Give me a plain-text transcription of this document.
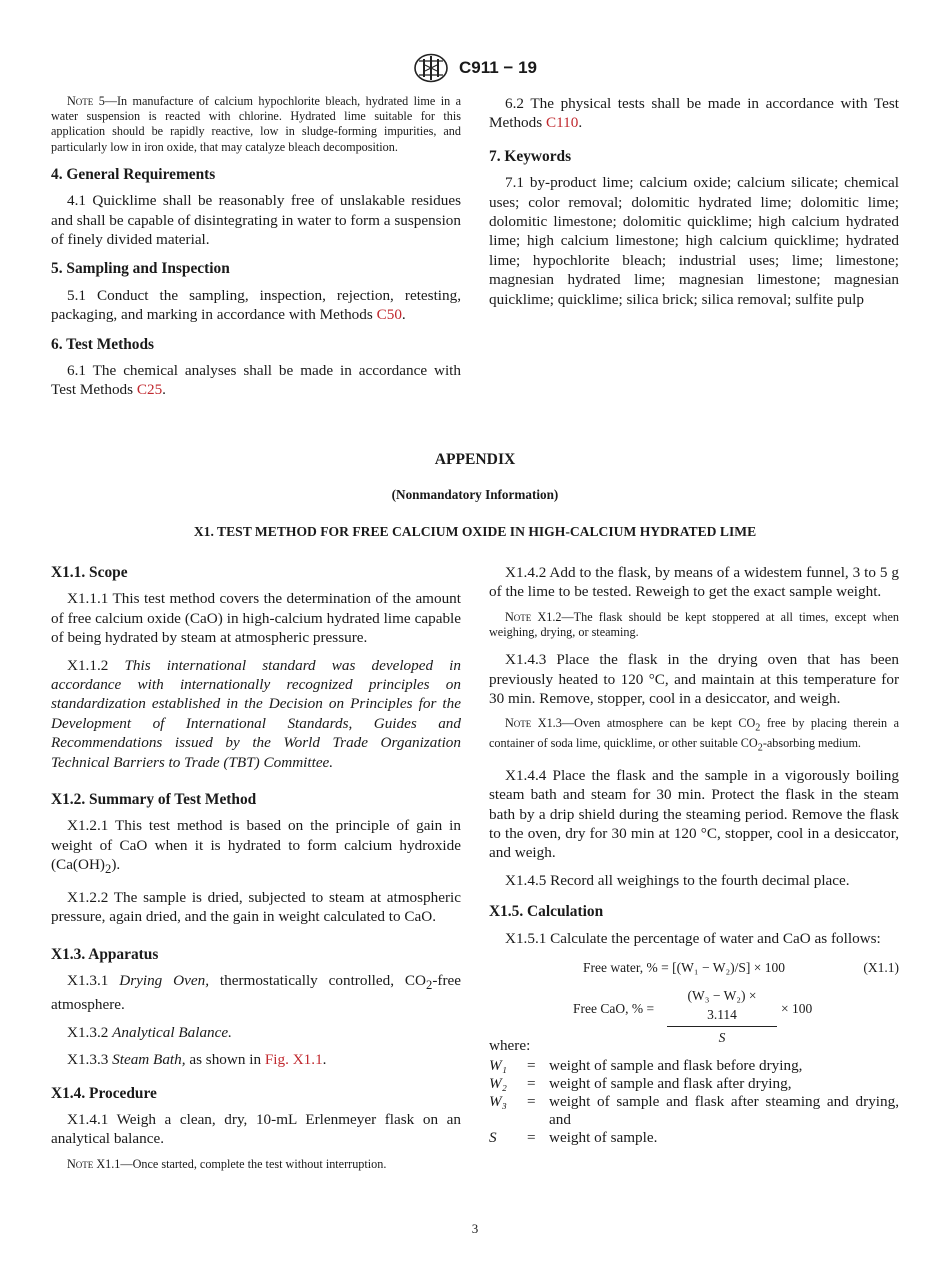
C911 − 19

Note 5—In manufacture of calcium hypochlorite bleach, hydrated lime in a water suspension is reacted with chlorine. Hydrated lime suitable for this application should be rapidly reactive, low in sludge-forming impurities, and particularly low in iron oxide, that may catalyze bleach decomposition.

4. General Requirements

4.1 Quicklime shall be reasonably free of unslakable residues and shall be capable of disintegrating in water to form a suspension of finely divided material.

5. Sampling and Inspection

5.1 Conduct the sampling, inspection, rejection, retesting, packaging, and marking in accordance with Methods C50.

6. Test Methods

6.1 The chemical analyses shall be made in accordance with Test Methods C25.

6.2 The physical tests shall be made in accordance with Test Methods C110.

7. Keywords

7.1 by-product lime; calcium oxide; calcium silicate; chemical uses; color removal; dolomitic hydrated lime; dolomitic lime; dolomitic limestone; dolomitic quicklime; high calcium hydrated lime; high calcium limestone; high calcium quicklime; hydrated lime; hypochlorite bleach; industrial uses; lime; limestone; magnesian hydrated lime; magnesian limestone; magnesian quicklime; quicklime; silica brick; silica removal; sulfite pulp

APPENDIX
(Nonmandatory Information)
X1. TEST METHOD FOR FREE CALCIUM OXIDE IN HIGH-CALCIUM HYDRATED LIME
X1.1. Scope

X1.1.1 This test method covers the determination of the amount of free calcium oxide (CaO) in high-calcium hydrated lime capable of being hydrated by steam at atmospheric pressure.

X1.1.2 This international standard was developed in accordance with internationally recognized principles on standardization established in the Decision on Principles for the Development of International Standards, Guides and Recommendations issued by the World Trade Organization Technical Barriers to Trade (TBT) Committee.

X1.2. Summary of Test Method

X1.2.1 This test method is based on the principle of gain in weight of CaO when it is hydrated to form calcium hydroxide $(Ca(OH)_2)$.

X1.2.2 The sample is dried, subjected to steam at atmospheric pressure, again dried, and the gain in weight calculated to CaO.

X1.3. Apparatus

X1.3.1 Drying Oven, thermostatically controlled, $CO_2$-free atmosphere.

X1.3.2 Analytical Balance.

X1.3.3 Steam Bath, as shown in Fig. X1.1.

X1.4. Procedure

X1.4.1 Weigh a clean, dry, 10-mL Erlenmeyer flask on an analytical balance.

Note X1.1—Once started, complete the test without interruption.

X1.4.2 Add to the flask, by means of a widestem funnel, 3 to 5 g of the lime to be tested. Reweigh to get the exact sample weight.

Note X1.2—The flask should be kept stoppered at all times, except when weighing, drying, or steaming.

X1.4.3 Place the flask in the drying oven that has been previously heated to 120 °C, and maintain at this temperature for 30 min. Remove, stopper, cool in a desiccator, and weigh.

Note X1.3—Oven atmosphere can be kept $CO_2$ free by placing therein a container of soda lime, quicklime, or other suitable $CO_2$-absorbing medium.

X1.4.4 Place the flask and the sample in a vigorously boiling steam bath and steam for 30 min. Protect the flask in the steam bath by a drip shield during the steaming period. Remove the flask to the oven, dry for 30 min at 120 °C, stopper, cool in a desiccator, and weigh.

X1.4.5 Record all weighings to the fourth decimal place.

X1.5. Calculation

X1.5.1 Calculate the percentage of water and CaO as follows:

Free water, % = [(W₁ − W₂)/S] × 100	(X1.1)
Free CaO, % = $\frac{\text{(W₃ − W₂) × 3.114}}{S} \times 100$

where:

W₁	=	weight of sample and flask before drying,
W₂	=	weight of sample and flask after drying,
W₃	=	weight of sample and flask after steaming and drying, and
S	=	weight of sample.
3
